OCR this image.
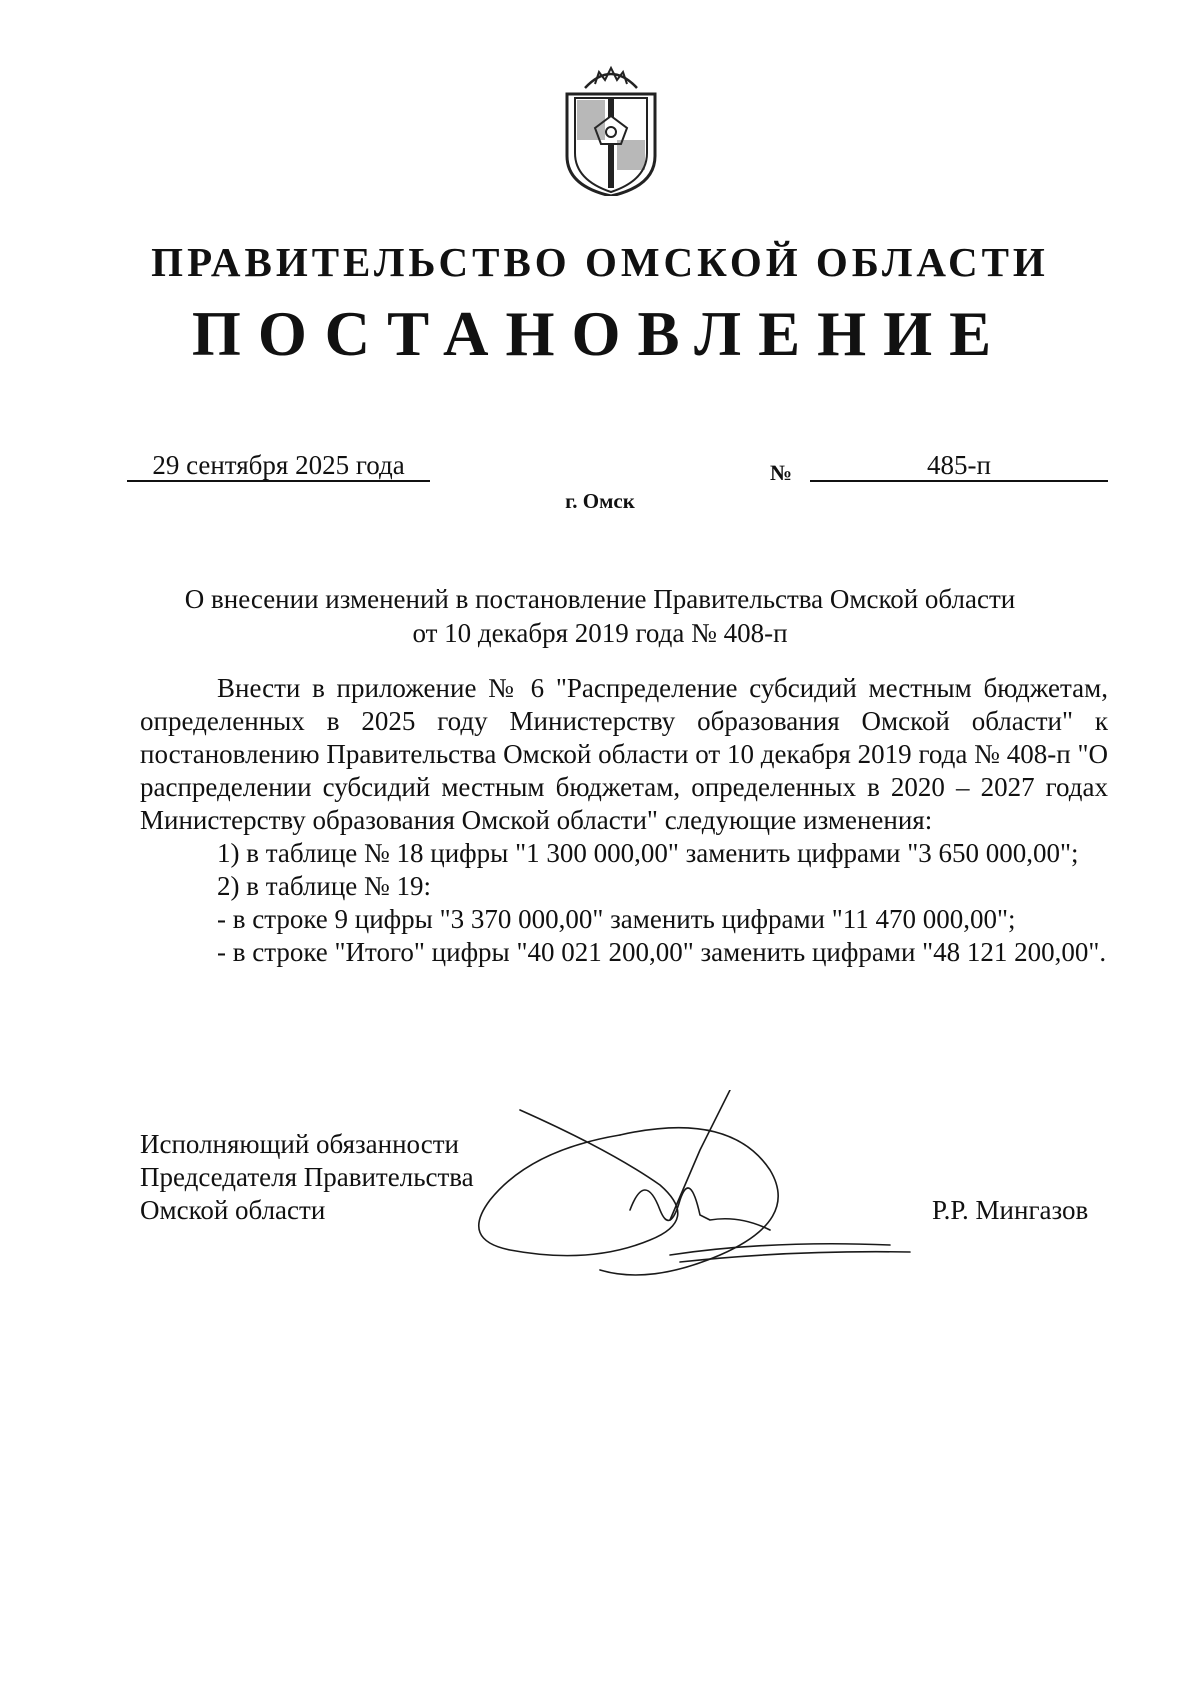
ПРАВИТЕЛЬСТВО ОМСКОЙ ОБЛАСТИ
ПОСТАНОВЛЕНИЕ
29 сентября 2025 года	№	485-п
г. Омск
О внесении изменений в постановление Правительства Омской области
от 10 декабря 2019 года № 408-п

Внести в приложение № 6 "Распределение субсидий местным бюджетам, определенных в 2025 году Министерству образования Омской области" к постановлению Правительства Омской области от 10 декабря 2019 года № 408-п "О распределении субсидий местным бюджетам, определенных в 2020 – 2027 годах Министерству образования Омской области" следующие изменения:

1) в таблице № 18 цифры "1 300 000,00" заменить цифрами "3 650 000,00";

2) в таблице № 19:

- в строке 9 цифры "3 370 000,00" заменить цифрами "11 470 000,00";

- в строке "Итого" цифры "40 021 200,00" заменить цифрами "48 121 200,00".

Исполняющий обязанности
Председателя Правительства
Омской области	Р.Р. Мингазов
